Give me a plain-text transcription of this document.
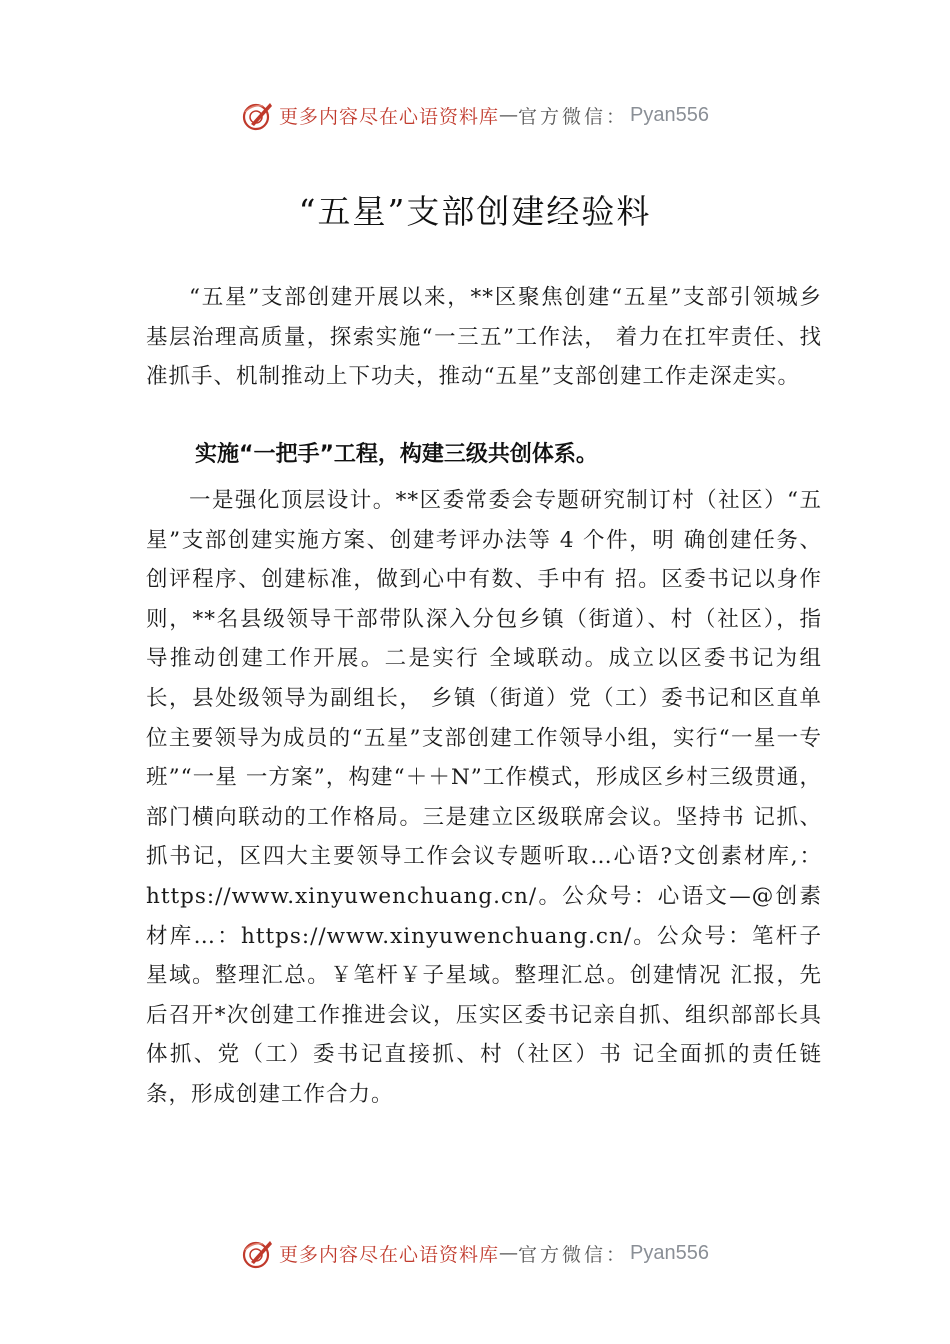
更多内容尽在心语资料库 — 官方微信： Pyan556
“五星”支部创建经验料

“五星”支部创建开展以来，**区聚焦创建“五星”支部引领城乡基层治理高质量，探索实施“一三五”工作法， 着力在扛牢责任、找准抓手、机制推动上下功夫，推动“五星”支部创建工作走深走实。

实施“一把手”工程，构建三级共创体系。

一是强化顶层设计。**区委常委会专题研究制订村（社区）“五星”支部创建实施方案、创建考评办法等 4 个件，明 确创建任务、创评程序、创建标准，做到心中有数、手中有 招。区委书记以身作则，**名县级领导干部带队深入分包乡镇（街道）、村（社区），指导推动创建工作开展。二是实行 全域联动。成立以区委书记为组长，县处级领导为副组长， 乡镇（街道）党（工）委书记和区直单位主要领导为成员的“五星”支部创建工作领导小组，实行“一星一专班”“一星 一方案”，构建“＋＋N”工作模式，形成区乡村三级贯通，部门横向联动的工作格局。三是建立区级联席会议。坚持书 记抓、抓书记，区四大主要领导工作会议专题听取…心语?文创素材库,：https://www.xinyuwenchuang.cn/。公众号：心语文—@创素材库…：https://www.xinyuwenchuang.cn/。公众号：笔杆子星域。整理汇总。￥笔杆￥子星域。整理汇总。创建情况 汇报，先后召开*次创建工作推进会议，压实区委书记亲自抓、组织部部长具体抓、党（工）委书记直接抓、村（社区）书 记全面抓的责任链条，形成创建工作合力。

更多内容尽在心语资料库 — 官方微信： Pyan556
